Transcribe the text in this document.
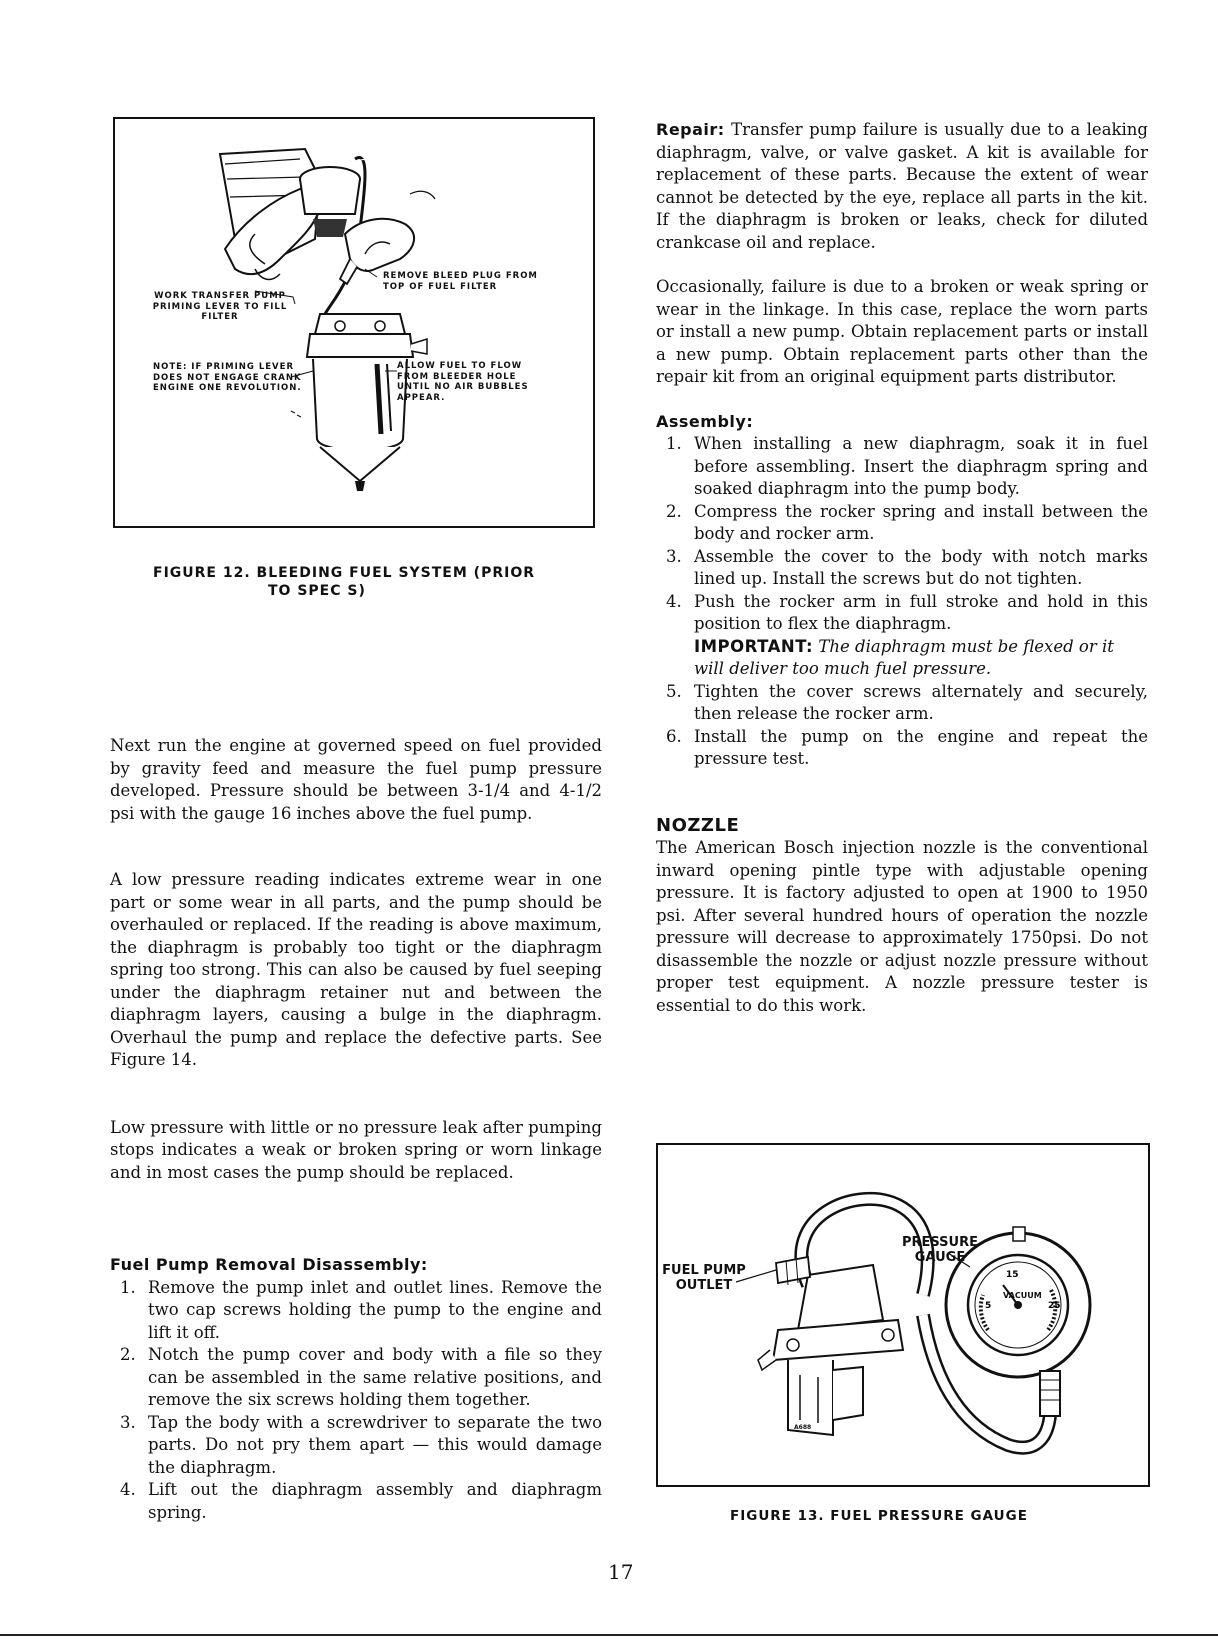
WORK TRANSFER PUMP
PRIMING LEVER TO FILL
FILTER
NOTE: IF PRIMING LEVER
DOES NOT ENGAGE CRANK
ENGINE ONE REVOLUTION.
REMOVE BLEED PLUG FROM
TOP OF FUEL FILTER
ALLOW FUEL TO FLOW
FROM BLEEDER HOLE
UNTIL NO AIR BUBBLES
APPEAR.
FIGURE 12. BLEEDING FUEL SYSTEM (PRIOR
TO SPEC S)

Next run the engine at governed speed on fuel provided by gravity feed and measure the fuel pump pressure developed. Pressure should be between 3-1/4 and 4-1/2 psi with the gauge 16 inches above the fuel pump.

A low pressure reading indicates extreme wear in one part or some wear in all parts, and the pump should be overhauled or replaced. If the reading is above maximum, the diaphragm is probably too tight or the diaphragm spring too strong. This can also be caused by fuel seeping under the diaphragm retainer nut and between the diaphragm layers, causing a bulge in the diaphragm. Overhaul the pump and replace the defective parts. See Figure 14.

Low pressure with little or no pressure leak after pumping stops indicates a weak or broken spring or worn linkage and in most cases the pump should be replaced.

Fuel Pump Removal Disassembly:
1. Remove the pump inlet and outlet lines. Remove the two cap screws holding the pump to the engine and lift it off.
2. Notch the pump cover and body with a file so they can be assembled in the same relative positions, and remove the six screws holding them together.
3. Tap the body with a screwdriver to separate the two parts. Do not pry them apart — this would damage the diaphragm.
4. Lift out the diaphragm assembly and diaphragm spring.

Repair: Transfer pump failure is usually due to a leaking diaphragm, valve, or valve gasket. A kit is available for replacement of these parts. Because the extent of wear cannot be detected by the eye, replace all parts in the kit. If the diaphragm is broken or leaks, check for diluted crankcase oil and replace.

Occasionally, failure is due to a broken or weak spring or wear in the linkage. In this case, replace the worn parts or install a new pump. Obtain replacement parts or install a new pump. Obtain replacement parts other than the repair kit from an original equipment parts distributor.

Assembly:
1. When installing a new diaphragm, soak it in fuel before assembling. Insert the diaphragm spring and soaked diaphragm into the pump body.
2. Compress the rocker spring and install between the body and rocker arm.
3. Assemble the cover to the body with notch marks lined up. Install the screws but do not tighten.
4. Push the rocker arm in full stroke and hold in this position to flex the diaphragm.
IMPORTANT: The diaphragm must be flexed or it will deliver too much fuel pressure.
5. Tighten the cover screws alternately and securely, then release the rocker arm.
6. Install the pump on the engine and repeat the pressure test.
NOZZLE

The American Bosch injection nozzle is the conventional inward opening pintle type with adjustable opening pressure. It is factory adjusted to open at 1900 to 1950 psi. After several hundred hours of operation the nozzle pressure will decrease to approximately 1750psi. Do not disassemble the nozzle or adjust nozzle pressure without proper test equipment. A nozzle pressure tester is essential to do this work.

15
5	25
FUEL PUMP
OUTLET
PRESSURE
GAUGE
VACUUM
A688
FIGURE 13. FUEL PRESSURE GAUGE
17
